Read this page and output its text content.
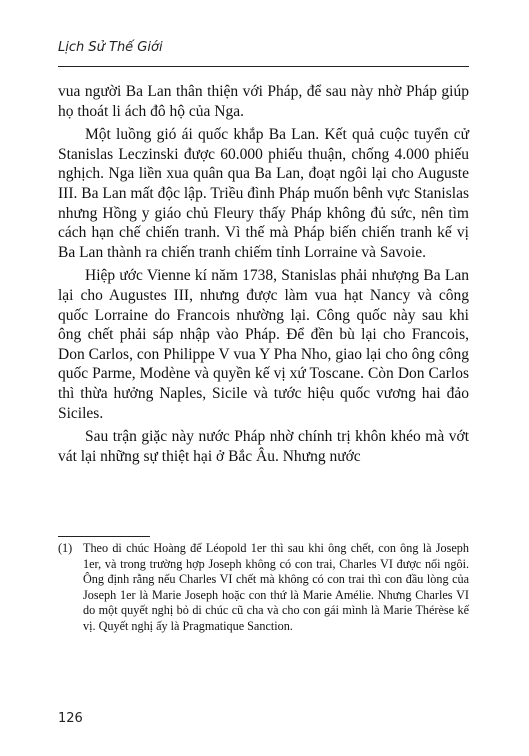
Lịch Sử Thế Giới

vua người Ba Lan thân thiện với Pháp, để sau này nhờ Pháp giúp họ thoát li ách đô hộ của Nga.

Một luồng gió ái quốc khắp Ba Lan. Kết quả cuộc tuyển cử Stanislas Leczinski được 60.000 phiếu thuận, chống 4.000 phiếu nghịch. Nga liền xua quân qua Ba Lan, đoạt ngôi lại cho Auguste III. Ba Lan mất độc lập. Triều đình Pháp muốn bênh vực Stanislas nhưng Hồng y giáo chủ Fleury thấy Pháp không đủ sức, nên tìm cách hạn chế chiến tranh. Vì thế mà Pháp biến chiến tranh kế vị Ba Lan thành ra chiến tranh chiếm tỉnh Lorraine và Savoie.

Hiệp ước Vienne kí năm 1738, Stanislas phải nhượng Ba Lan lại cho Augustes III, nhưng được làm vua hạt Nancy và công quốc Lorraine do Francois nhường lại. Công quốc này sau khi ông chết phải sáp nhập vào Pháp. Để đền bù lại cho Francois, Don Carlos, con Philippe V vua Y Pha Nho, giao lại cho ông công quốc Parme, Modène và quyền kế vị xứ Toscane. Còn Don Carlos thì thừa hưởng Naples, Sicile và tước hiệu quốc vương hai đảo Siciles.

Sau trận giặc này nước Pháp nhờ chính trị khôn khéo mà vớt vát lại những sự thiệt hại ở Bắc Âu. Nhưng nước

(1) Theo di chúc Hoàng đế Léopold 1er thì sau khi ông chết, con ông là Joseph 1er, và trong trường hợp Joseph không có con trai, Charles VI được nối ngôi. Ông định rằng nếu Charles VI chết mà không có con trai thì con đầu lòng của Joseph 1er là Marie Joseph hoặc con thứ là Marie Amélie. Nhưng Charles VI do một quyết nghị bỏ di chúc cũ cha và cho con gái mình là Marie Thérèse kế vị. Quyết nghị ấy là Pragmatique Sanction.
126
